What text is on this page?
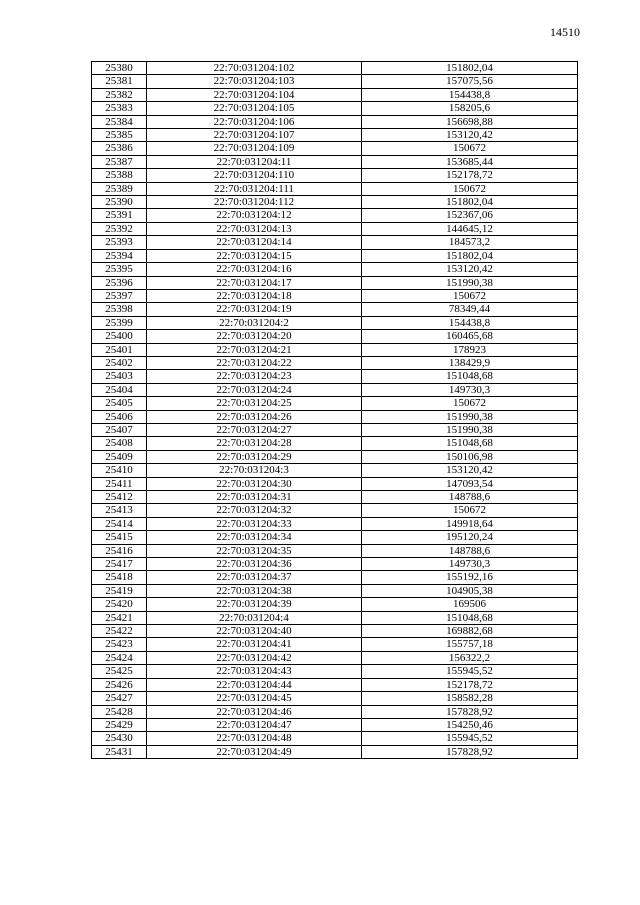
14510
25380	22:70:031204:102	151802,04
25381	22:70:031204:103	157075,56
25382	22:70:031204:104	154438,8
25383	22:70:031204:105	158205,6
25384	22:70:031204:106	156698,88
25385	22:70:031204:107	153120,42
25386	22:70:031204:109	150672
25387	22:70:031204:11	153685,44
25388	22:70:031204:110	152178,72
25389	22:70:031204:111	150672
25390	22:70:031204:112	151802,04
25391	22:70:031204:12	152367,06
25392	22:70:031204:13	144645,12
25393	22:70:031204:14	184573,2
25394	22:70:031204:15	151802,04
25395	22:70:031204:16	153120,42
25396	22:70:031204:17	151990,38
25397	22:70:031204:18	150672
25398	22:70:031204:19	78349,44
25399	22:70:031204:2	154438,8
25400	22:70:031204:20	160465,68
25401	22:70:031204:21	178923
25402	22:70:031204:22	138429,9
25403	22:70:031204:23	151048,68
25404	22:70:031204:24	149730,3
25405	22:70:031204:25	150672
25406	22:70:031204:26	151990,38
25407	22:70:031204:27	151990,38
25408	22:70:031204:28	151048,68
25409	22:70:031204:29	150106,98
25410	22:70:031204:3	153120,42
25411	22:70:031204:30	147093,54
25412	22:70:031204:31	148788,6
25413	22:70:031204:32	150672
25414	22:70:031204:33	149918,64
25415	22:70:031204:34	195120,24
25416	22:70:031204:35	148788,6
25417	22:70:031204:36	149730,3
25418	22:70:031204:37	155192,16
25419	22:70:031204:38	104905,38
25420	22:70:031204:39	169506
25421	22:70:031204:4	151048,68
25422	22:70:031204:40	169882,68
25423	22:70:031204:41	155757,18
25424	22:70:031204:42	156322,2
25425	22:70:031204:43	155945,52
25426	22:70:031204:44	152178,72
25427	22:70:031204:45	158582,28
25428	22:70:031204:46	157828,92
25429	22:70:031204:47	154250,46
25430	22:70:031204:48	155945,52
25431	22:70:031204:49	157828,92
